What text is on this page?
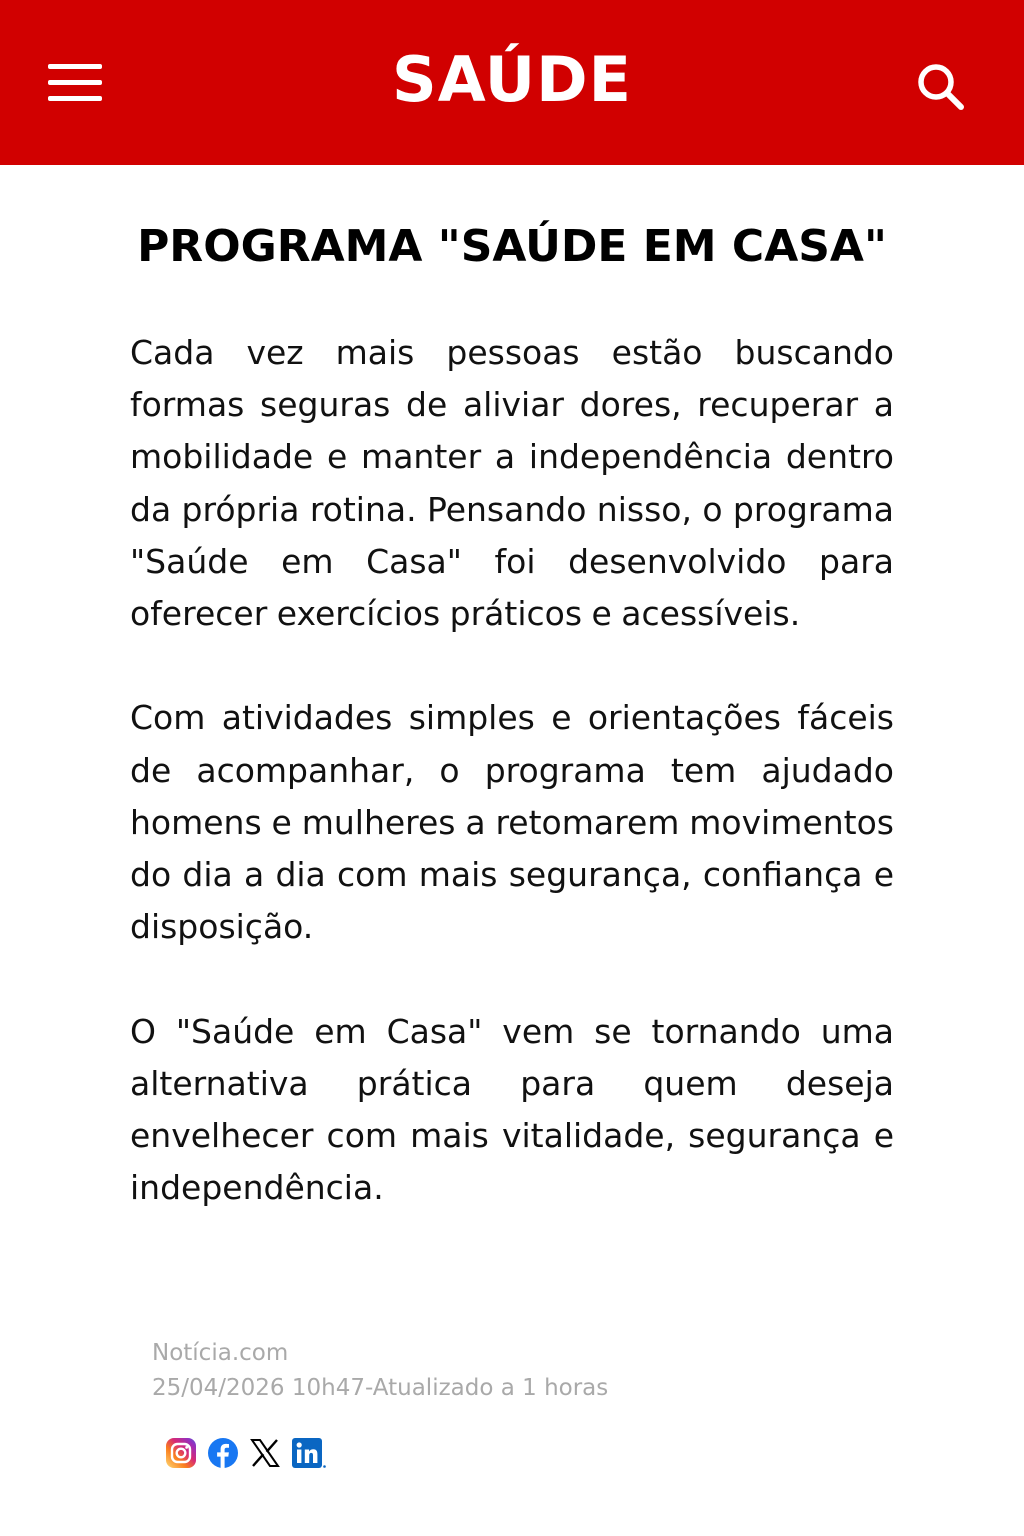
SAÚDE
PROGRAMA "SAÚDE EM CASA"

Cada vez mais pessoas estão buscando formas seguras de aliviar dores, recuperar a mobilidade e manter a independência dentro da própria rotina. Pensando nisso, o programa "Saúde em Casa" foi desenvolvido para oferecer exercícios práticos e acessíveis.

Com atividades simples e orientações fáceis de acompanhar, o programa tem ajudado homens e mulheres a retomarem movimentos do dia a dia com mais segurança, confiança e disposição.

O "Saúde em Casa" vem se tornando uma alternativa prática para quem deseja envelhecer com mais vitalidade, segurança e independência.

Notícia.com
25/04/2026 10h47-Atualizado a 1 horas
